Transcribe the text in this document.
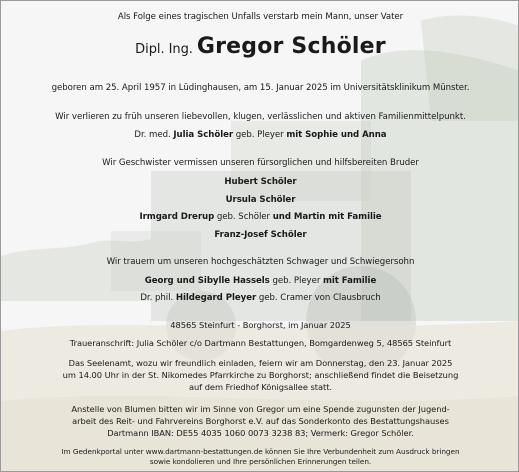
Als Folge eines tragischen Unfalls verstarb mein Mann, unser Vater
Dipl. Ing. Gregor Schöler
geboren am 25. April 1957 in Lüdinghausen, am 15. Januar 2025 im Universitätsklinikum Münster.
Wir verlieren zu früh unseren liebevollen, klugen, verlässlichen und aktiven Familienmittelpunkt.
Dr. med. Julia Schöler geb. Pleyer mit Sophie und Anna
Wir Geschwister vermissen unseren fürsorglichen und hilfsbereiten Bruder
Hubert Schöler
Ursula Schöler
Irmgard Drerup geb. Schöler und Martin mit Familie
Franz-Josef Schöler
Wir trauern um unseren hochgeschätzten Schwager und Schwiegersohn
Georg und Sibylle Hassels geb. Pleyer mit Familie
Dr. phil. Hildegard Pleyer geb. Cramer von Clausbruch
48565 Steinfurt - Borghorst, im Januar 2025
Traueranschrift: Julia Schöler c/o Dartmann Bestattungen, Bomgardenweg 5, 48565 Steinfurt
Das Seelenamt, wozu wir freundlich einladen, feiern wir am Donnerstag, den 23. Januar 2025
um 14.00 Uhr in der St. Nikomedes Pfarrkirche zu Borghorst; anschließend findet die Beisetzung
auf dem Friedhof Königsallee statt.
Anstelle von Blumen bitten wir im Sinne von Gregor um eine Spende zugunsten der Jugend-
arbeit des Reit- und Fahrvereins Borghorst e.V. auf das Sonderkonto des Bestattungshauses
Dartmann IBAN: DE55 4035 1060 0073 3238 83; Vermerk: Gregor Schöler.
Im Gedenkportal unter www.dartmann-bestattungen.de können Sie Ihre Verbundenheit zum Ausdruck bringen
sowie kondolieren und Ihre persönlichen Erinnerungen teilen.
